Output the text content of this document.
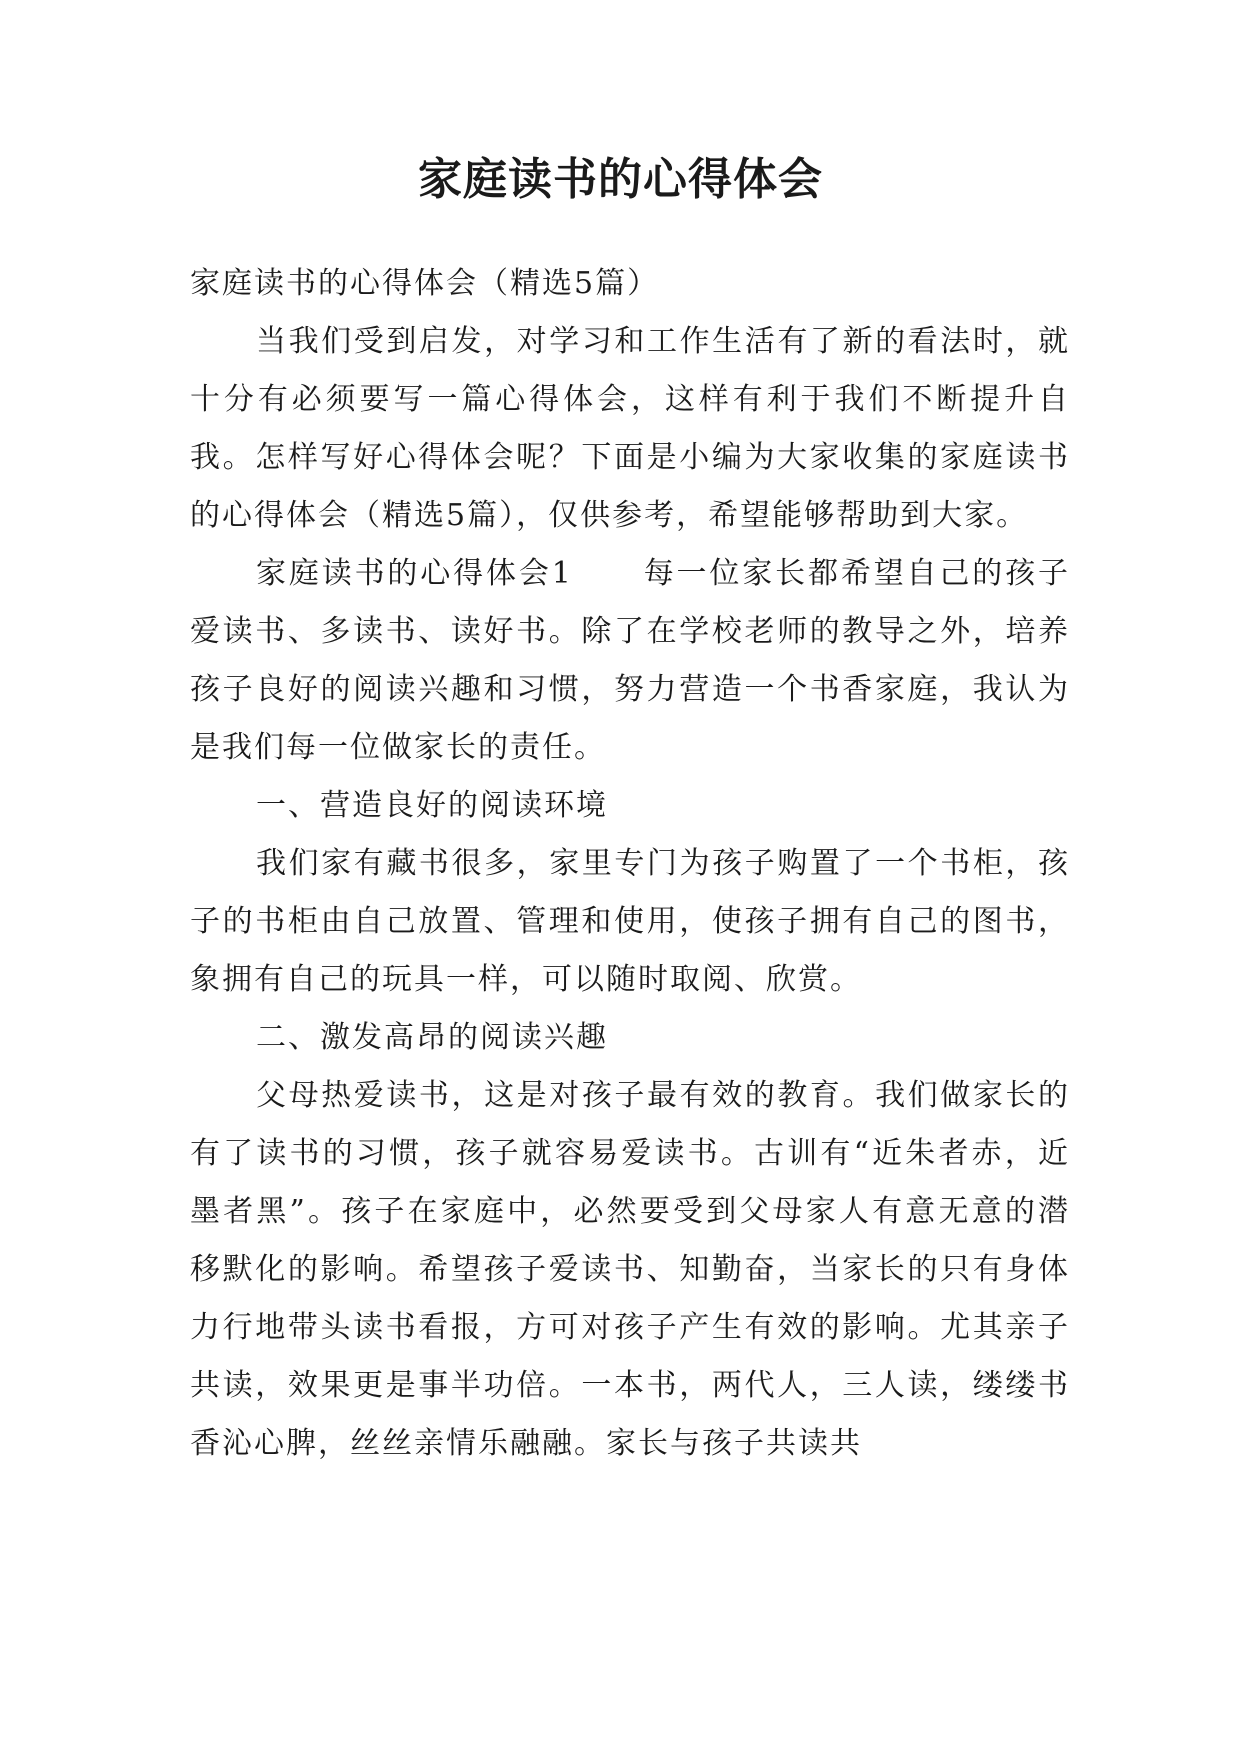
家庭读书的心得体会

家庭读书的心得体会（精选5篇）

当我们受到启发，对学习和工作生活有了新的看法时，就十分有必须要写一篇心得体会，这样有利于我们不断提升自我。怎样写好心得体会呢？下面是小编为大家收集的家庭读书的心得体会（精选5篇），仅供参考，希望能够帮助到大家。

家庭读书的心得体会1 每一位家长都希望自己的孩子爱读书、多读书、读好书。除了在学校老师的教导之外，培养孩子良好的阅读兴趣和习惯，努力营造一个书香家庭，我认为是我们每一位做家长的责任。

一、营造良好的阅读环境

我们家有藏书很多，家里专门为孩子购置了一个书柜，孩子的书柜由自己放置、管理和使用，使孩子拥有自己的图书，象拥有自己的玩具一样，可以随时取阅、欣赏。

二、激发高昂的阅读兴趣

父母热爱读书，这是对孩子最有效的教育。我们做家长的有了读书的习惯，孩子就容易爱读书。古训有“近朱者赤，近墨者黑”。孩子在家庭中，必然要受到父母家人有意无意的潜移默化的影响。希望孩子爱读书、知勤奋，当家长的只有身体力行地带头读书看报，方可对孩子产生有效的影响。尤其亲子共读，效果更是事半功倍。一本书，两代人，三人读，缕缕书香沁心脾，丝丝亲情乐融融。家长与孩子共读共
